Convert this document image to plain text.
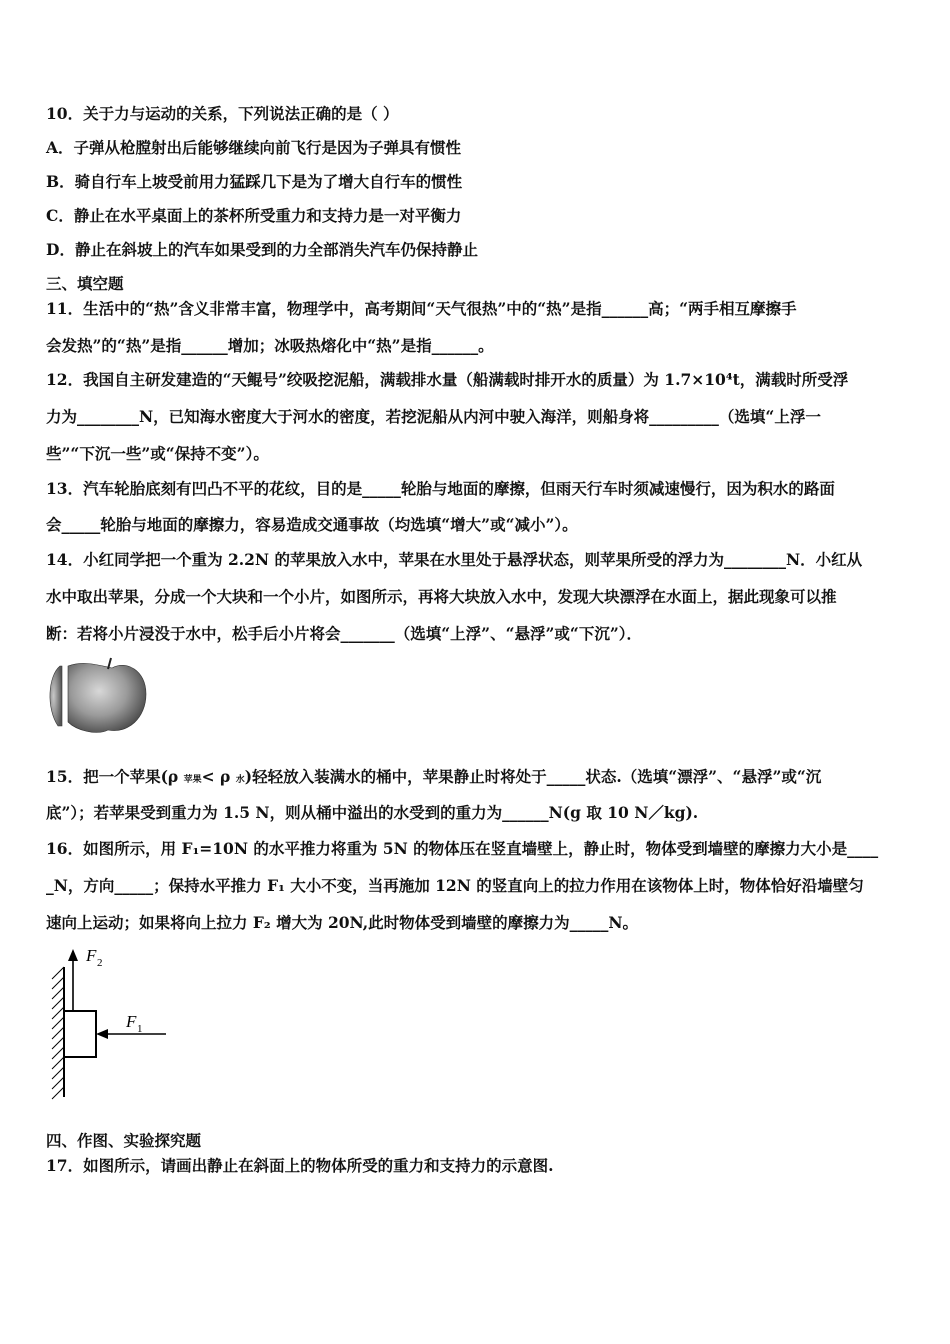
10．关于力与运动的关系，下列说法正确的是（ ）
A．子弹从枪膛射出后能够继续向前飞行是因为子弹具有惯性
B．骑自行车上坡受前用力猛踩几下是为了增大自行车的惯性
C．静止在水平桌面上的茶杯所受重力和支持力是一对平衡力
D．静止在斜坡上的汽车如果受到的力全部消失汽车仍保持静止
三、填空题
11．生活中的“热”含义非常丰富，物理学中，高考期间“天气很热”中的“热”是指______高；“两手相互摩擦手
会发热”的“热”是指______增加；冰吸热熔化中“热”是指______。
12．我国自主研发建造的“天鲲号”绞吸挖泥船，满载排水量（船满载时排开水的质量）为 1.7×10⁴t，满载时所受浮
力为________N，已知海水密度大于河水的密度，若挖泥船从内河中驶入海洋，则船身将_________（选填“上浮一
些”“下沉一些”或“保持不变”）。
13．汽车轮胎底刻有凹凸不平的花纹，目的是_____轮胎与地面的摩擦，但雨天行车时须减速慢行，因为积水的路面
会_____轮胎与地面的摩擦力，容易造成交通事故（均选填“增大”或“减小”）。
14．小红同学把一个重为 2.2N 的苹果放入水中，苹果在水里处于悬浮状态，则苹果所受的浮力为________N．小红从
水中取出苹果，分成一个大块和一个小片，如图所示，再将大块放入水中，发现大块漂浮在水面上，据此现象可以推
断：若将小片浸没于水中，松手后小片将会_______（选填“上浮”、“悬浮”或“下沉”）．
15．把一个苹果(ρ 苹果< ρ 水)轻轻放入装满水的桶中，苹果静止时将处于_____状态.（选填“漂浮”、“悬浮”或“沉
底”）；若苹果受到重力为 1.5 N，则从桶中溢出的水受到的重力为______N(g 取 10 N／kg).
16．如图所示，用 F₁=10N 的水平推力将重为 5N 的物体压在竖直墙壁上，静止时，物体受到墙壁的摩擦力大小是____
_N，方向_____；保持水平推力 F₁ 大小不变，当再施加 12N 的竖直向上的拉力作用在该物体上时，物体恰好沿墙壁匀
速向上运动；如果将向上拉力 F₂ 增大为 20N,此时物体受到墙壁的摩擦力为_____N。
F 2
F 1
四、作图、实验探究题
17．如图所示，请画出静止在斜面上的物体所受的重力和支持力的示意图.
